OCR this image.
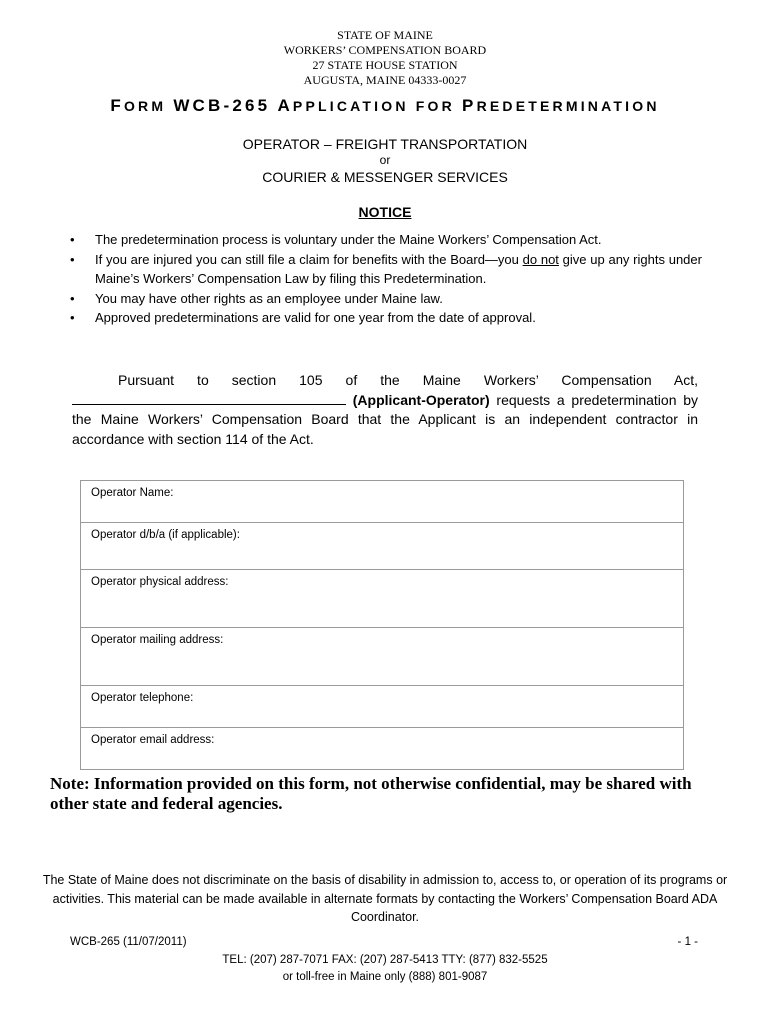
STATE OF MAINE
WORKERS’ COMPENSATION BOARD
27 STATE HOUSE STATION
AUGUSTA, MAINE 04333-0027
FORM WCB-265 APPLICATION FOR PREDETERMINATION
OPERATOR – FREIGHT TRANSPORTATION
or
COURIER & MESSENGER SERVICES
NOTICE
• The predetermination process is voluntary under the Maine Workers’ Compensation Act.
• If you are injured you can still file a claim for benefits with the Board—you do not give up any rights under Maine’s Workers’ Compensation Law by filing this Predetermination.
• You may have other rights as an employee under Maine law.
• Approved predeterminations are valid for one year from the date of approval.
Pursuant to section 105 of the Maine Workers’ Compensation Act,  (Applicant-Operator) requests a predetermination by the Maine Workers’ Compensation Board that the Applicant is an independent contractor in accordance with section 114 of the Act.
Operator Name:
Operator d/b/a (if applicable):
Operator physical address:
Operator mailing address:
Operator telephone:
Operator email address:
Note: Information provided on this form, not otherwise confidential, may be shared with other state and federal agencies.
The State of Maine does not discriminate on the basis of disability in admission to, access to, or operation of its programs or activities. This material can be made available in alternate formats by contacting the Workers’ Compensation Board ADA Coordinator.
WCB-265 (11/07/2011)	- 1 -
TEL: (207) 287-7071 FAX: (207) 287-5413 TTY: (877) 832-5525
or toll-free in Maine only (888) 801-9087
